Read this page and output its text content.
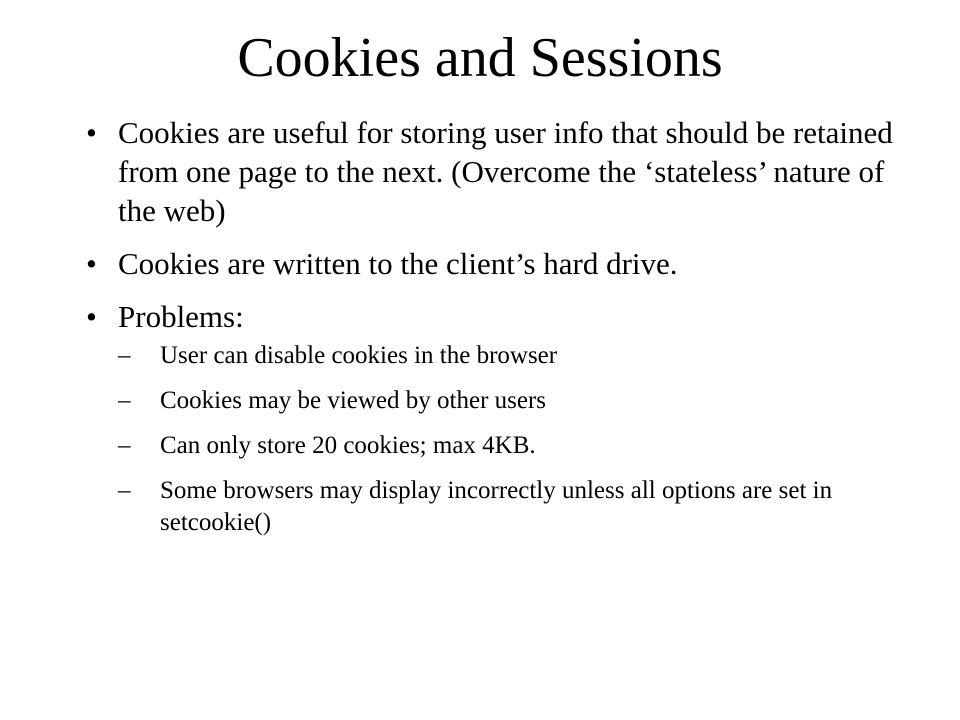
Cookies and Sessions
• Cookies are useful for storing user info that should be retained from one page to the next. (Overcome the ‘stateless’ nature of the web)
• Cookies are written to the client’s hard drive.
• Problems:
– User can disable cookies in the browser
– Cookies may be viewed by other users
– Can only store 20 cookies; max 4KB.
– Some browsers may display incorrectly unless all options are set in setcookie()
